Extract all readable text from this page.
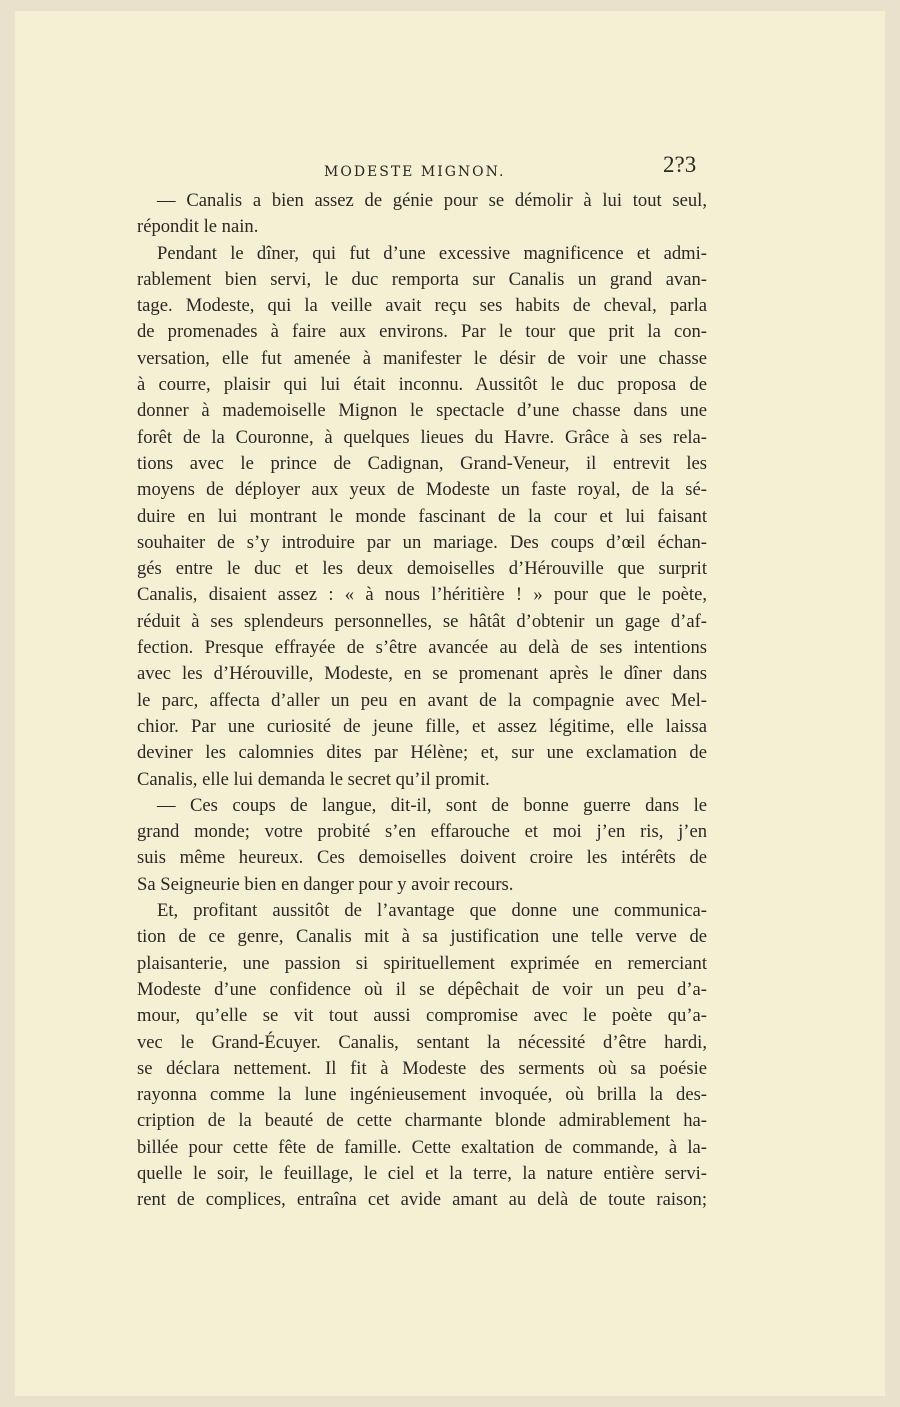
MODESTE MIGNON.	2?3
— Canalis a bien assez de génie pour se démolir à lui tout seul,
répondit le nain.
Pendant le dîner, qui fut d’une excessive magnificence et admi-
rablement bien servi, le duc remporta sur Canalis un grand avan-
tage. Modeste, qui la veille avait reçu ses habits de cheval, parla
de promenades à faire aux environs. Par le tour que prit la con-
versation, elle fut amenée à manifester le désir de voir une chasse
à courre, plaisir qui lui était inconnu. Aussitôt le duc proposa de
donner à mademoiselle Mignon le spectacle d’une chasse dans une
forêt de la Couronne, à quelques lieues du Havre. Grâce à ses rela-
tions avec le prince de Cadignan, Grand-Veneur, il entrevit les
moyens de déployer aux yeux de Modeste un faste royal, de la sé-
duire en lui montrant le monde fascinant de la cour et lui faisant
souhaiter de s’y introduire par un mariage. Des coups d’œil échan-
gés entre le duc et les deux demoiselles d’Hérouville que surprit
Canalis, disaient assez : « à nous l’héritière ! » pour que le poète,
réduit à ses splendeurs personnelles, se hâtât d’obtenir un gage d’af-
fection. Presque effrayée de s’être avancée au delà de ses intentions
avec les d’Hérouville, Modeste, en se promenant après le dîner dans
le parc, affecta d’aller un peu en avant de la compagnie avec Mel-
chior. Par une curiosité de jeune fille, et assez légitime, elle laissa
deviner les calomnies dites par Hélène; et, sur une exclamation de
Canalis, elle lui demanda le secret qu’il promit.
— Ces coups de langue, dit-il, sont de bonne guerre dans le
grand monde; votre probité s’en effarouche et moi j’en ris, j’en
suis même heureux. Ces demoiselles doivent croire les intérêts de
Sa Seigneurie bien en danger pour y avoir recours.
Et, profitant aussitôt de l’avantage que donne une communica-
tion de ce genre, Canalis mit à sa justification une telle verve de
plaisanterie, une passion si spirituellement exprimée en remerciant
Modeste d’une confidence où il se dépêchait de voir un peu d’a-
mour, qu’elle se vit tout aussi compromise avec le poète qu’a-
vec le Grand-Écuyer. Canalis, sentant la nécessité d’être hardi,
se déclara nettement. Il fit à Modeste des serments où sa poésie
rayonna comme la lune ingénieusement invoquée, où brilla la des-
cription de la beauté de cette charmante blonde admirablement ha-
billée pour cette fête de famille. Cette exaltation de commande, à la-
quelle le soir, le feuillage, le ciel et la terre, la nature entière servi-
rent de complices, entraîna cet avide amant au delà de toute raison;
